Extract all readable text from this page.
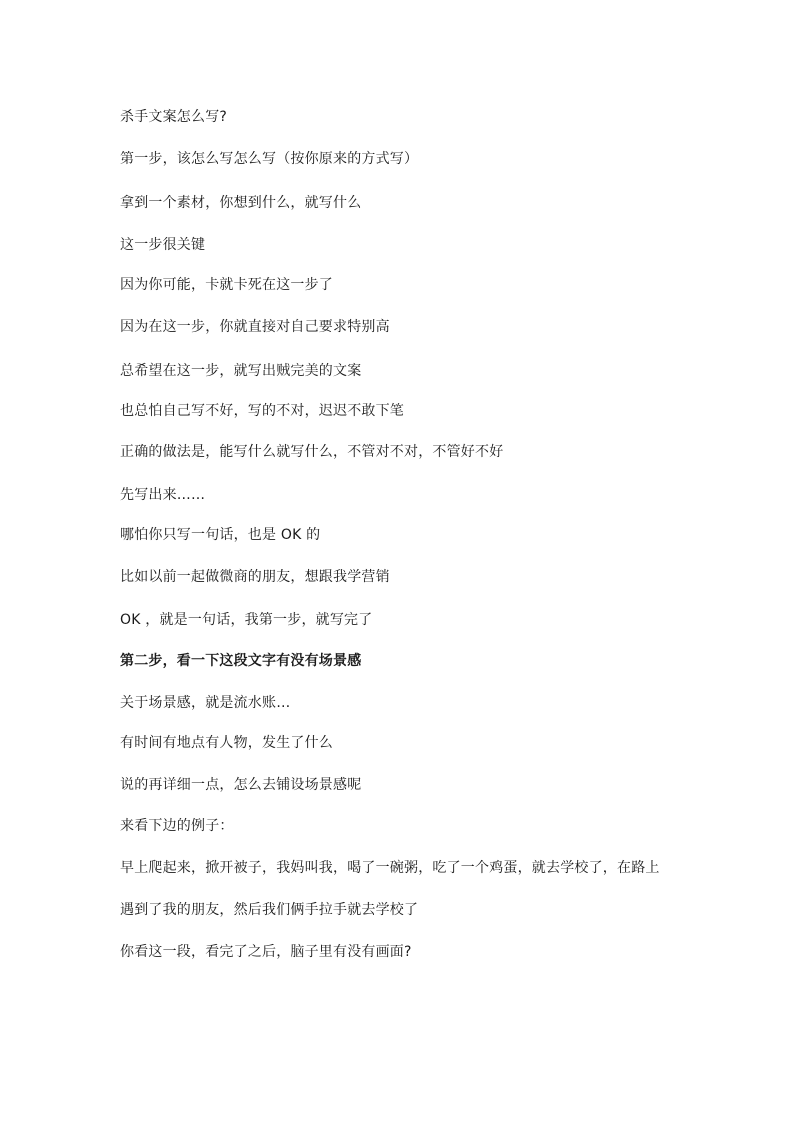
杀手文案怎么写?
第一步，该怎么写怎么写（按你原来的方式写）
拿到一个素材，你想到什么，就写什么
这一步很关键
因为你可能，卡就卡死在这一步了
因为在这一步，你就直接对自己要求特别高
总希望在这一步，就写出贼完美的文案
也总怕自己写不好，写的不对，迟迟不敢下笔
正确的做法是，能写什么就写什么，不管对不对，不管好不好
先写出来……
哪怕你只写一句话，也是 OK 的
比如以前一起做微商的朋友，想跟我学营销
OK ，就是一句话，我第一步，就写完了
第二步，看一下这段文字有没有场景感
关于场景感，就是流水账…
有时间有地点有人物，发生了什么
说的再详细一点，怎么去铺设场景感呢
来看下边的例子：
早上爬起来，掀开被子，我妈叫我，喝了一碗粥，吃了一个鸡蛋，就去学校了，在路上
遇到了我的朋友，然后我们俩手拉手就去学校了
你看这一段，看完了之后，脑子里有没有画面?
